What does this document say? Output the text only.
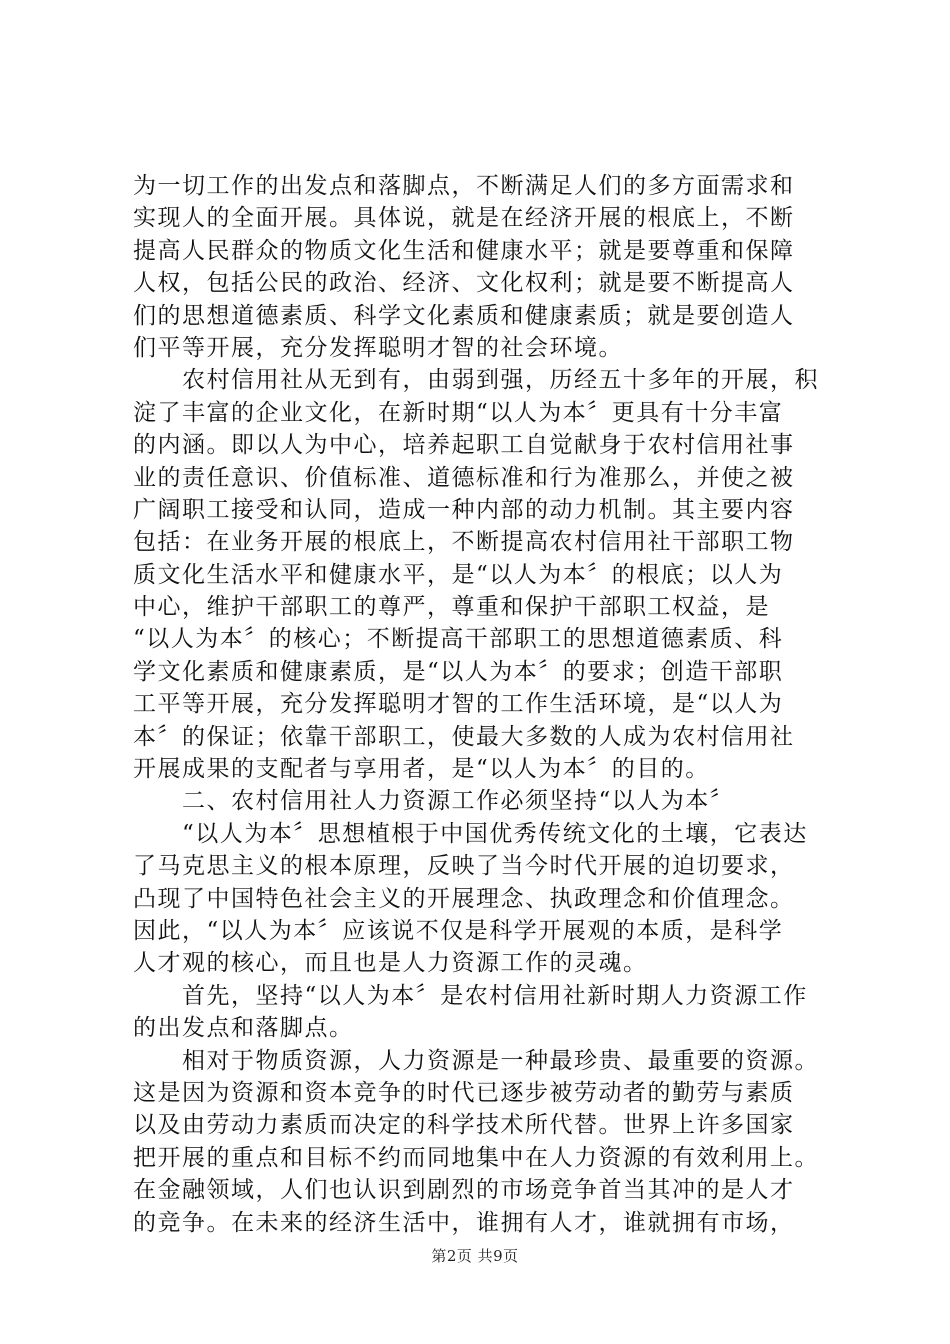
为一切工作的出发点和落脚点，不断满足人们的多方面需求和
实现人的全面开展。具体说，就是在经济开展的根底上，不断
提高人民群众的物质文化生活和健康水平；就是要尊重和保障
人权，包括公民的政治、经济、文化权利；就是要不断提高人
们的思想道德素质、科学文化素质和健康素质；就是要创造人
们平等开展，充分发挥聪明才智的社会环境。
　　农村信用社从无到有，由弱到强，历经五十多年的开展，积
淀了丰富的企业文化，在新时期“以人为本〞更具有十分丰富
的内涵。即以人为中心，培养起职工自觉献身于农村信用社事
业的责任意识、价值标准、道德标准和行为准那么，并使之被
广阔职工接受和认同，造成一种内部的动力机制。其主要内容
包括：在业务开展的根底上，不断提高农村信用社干部职工物
质文化生活水平和健康水平，是“以人为本〞的根底；以人为
中心，维护干部职工的尊严，尊重和保护干部职工权益，是
“以人为本〞的核心；不断提高干部职工的思想道德素质、科
学文化素质和健康素质，是“以人为本〞的要求；创造干部职
工平等开展，充分发挥聪明才智的工作生活环境，是“以人为
本〞的保证；依靠干部职工，使最大多数的人成为农村信用社
开展成果的支配者与享用者，是“以人为本〞的目的。
　　二、农村信用社人力资源工作必须坚持“以人为本〞
　　“以人为本〞思想植根于中国优秀传统文化的土壤，它表达
了马克思主义的根本原理，反映了当今时代开展的迫切要求，
凸现了中国特色社会主义的开展理念、执政理念和价值理念。
因此，“以人为本〞应该说不仅是科学开展观的本质，是科学
人才观的核心，而且也是人力资源工作的灵魂。
　　首先，坚持“以人为本〞是农村信用社新时期人力资源工作
的出发点和落脚点。
　　相对于物质资源，人力资源是一种最珍贵、最重要的资源。
这是因为资源和资本竞争的时代已逐步被劳动者的勤劳与素质
以及由劳动力素质而决定的科学技术所代替。世界上许多国家
把开展的重点和目标不约而同地集中在人力资源的有效利用上。
在金融领域，人们也认识到剧烈的市场竞争首当其冲的是人才
的竞争。在未来的经济生活中，谁拥有人才，谁就拥有市场，
第2页 共9页
